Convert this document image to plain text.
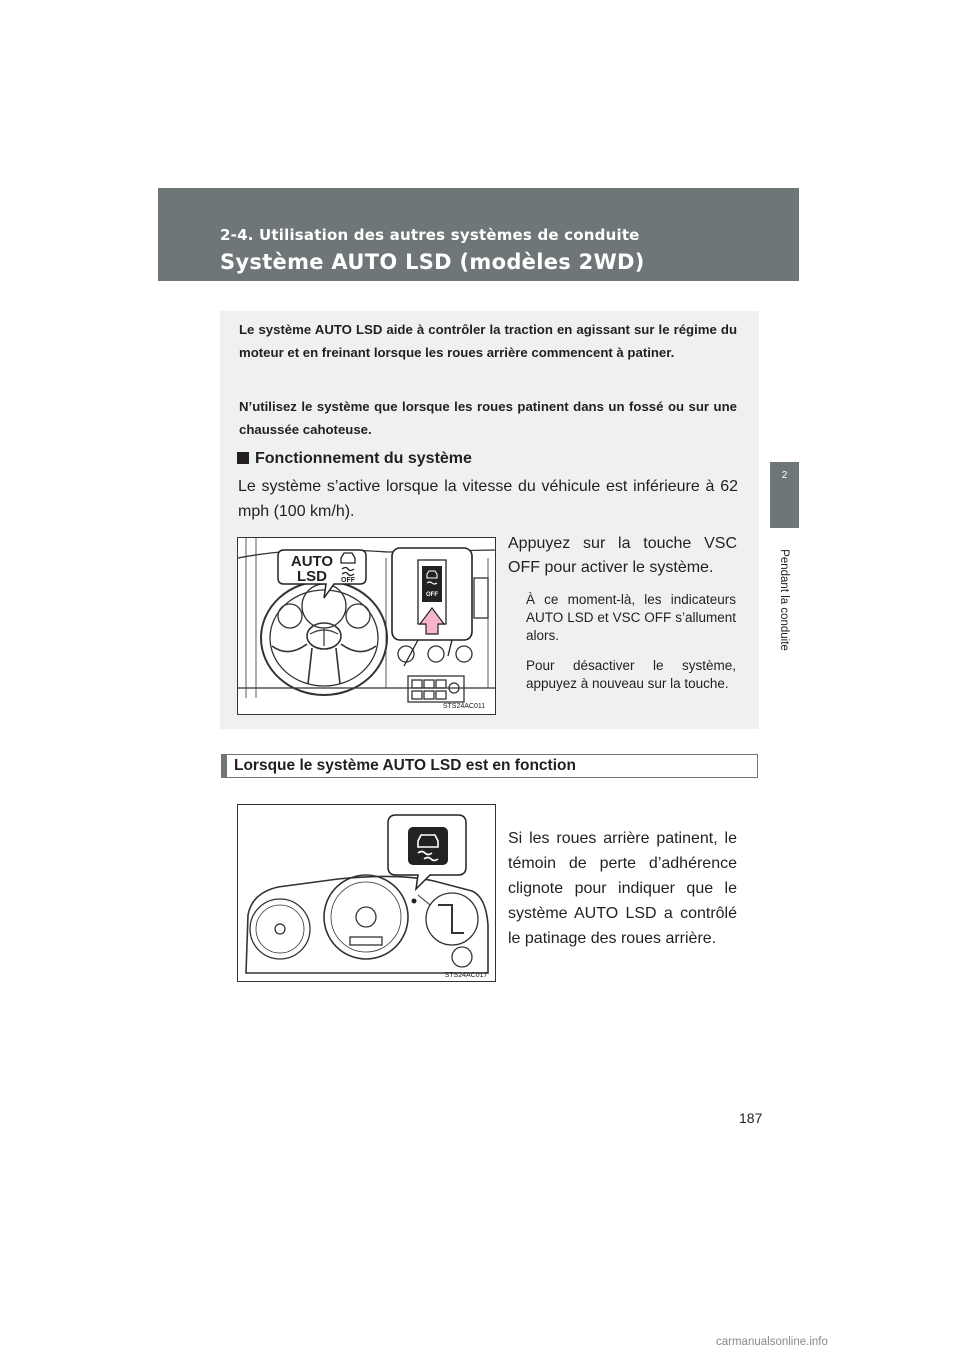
2-4. Utilisation des autres systèmes de conduite
Système AUTO LSD (modèles 2WD)
2
Pendant la conduite

Le système AUTO LSD aide à contrôler la traction en agissant sur le régime du moteur et en freinant lorsque les roues arrière commencent à patiner.

N’utilisez le système que lorsque les roues patinent dans un fossé ou sur une chaussée cahoteuse.

Fonctionnement du système

Le système s’active lorsque la vitesse du véhicule est inférieure à 62 mph (100 km/h).

AUTO
LSD OFF
OFF
STS24AC011

Appuyez sur la touche VSC OFF pour activer le système.

À ce moment-là, les indicateurs AUTO LSD et VSC OFF s’allument alors.

Pour désactiver le système, appuyez à nouveau sur la touche.

Lorsque le système AUTO LSD est en fonction
STS24AC017

Si les roues arrière patinent, le témoin de perte d’adhérence clignote pour indiquer que le système AUTO LSD a contrôlé le patinage des roues arrière.

187
carmanualsonline.info
